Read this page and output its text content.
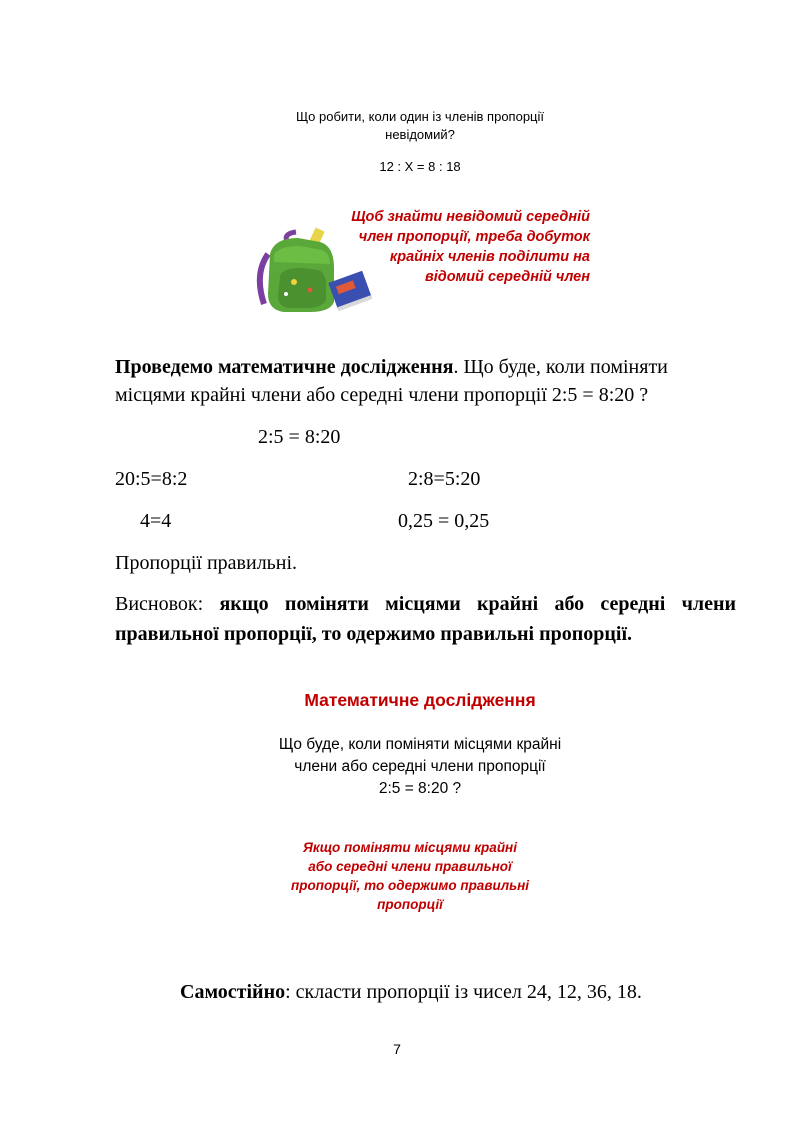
Що робити, коли один із членів пропорції
невідомий?
12 : Х = 8 : 18
Щоб знайти невідомий середній
член пропорції, треба добуток
крайніх членів поділити на
відомий середній член
Проведемо математичне дослідження. Що буде, коли поміняти
місцями крайні члени або середні члени пропорції 2:5 = 8:20 ?
2:5 = 8:20
20:5=8:2	2:8=5:20
4=4	0,25 = 0,25
Пропорції правильні.
Висновок: якщо поміняти місцями крайні або середні члени
правильної пропорції, то одержимо правильні пропорції.
Математичне дослідження
Що буде, коли поміняти місцями крайні
члени або середні члени пропорції
2:5 = 8:20 ?
Якщо поміняти місцями крайні
або середні члени правильної
пропорції, то одержимо правильні
пропорції
Самостійно: скласти пропорції із чисел 24, 12, 36, 18.
7
